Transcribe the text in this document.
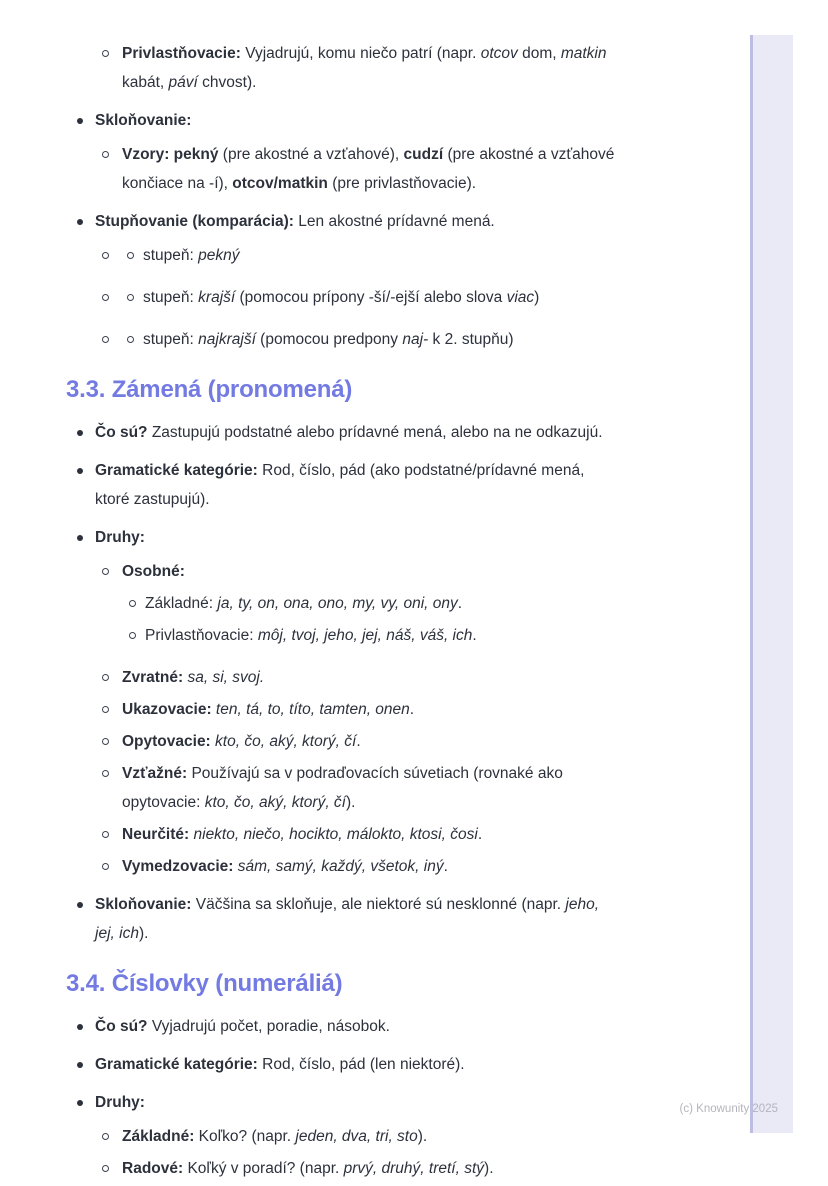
Privlastňovacie: Vyjadrujú, komu niečo patrí (napr. otcov dom, matkin
kabát, páví chvost).
Skloňovanie:
Vzory: pekný (pre akostné a vzťahové), cudzí (pre akostné a vzťahové
končiace na -í), otcov/matkin (pre privlastňovacie).
Stupňovanie (komparácia): Len akostné prídavné mená.
stupeň: pekný
stupeň: krajší (pomocou prípony -ší/-ejší alebo slova viac)
stupeň: najkrajší (pomocou predpony naj- k 2. stupňu)
3.3. Zámená (pronomená)
Čo sú? Zastupujú podstatné alebo prídavné mená, alebo na ne odkazujú.
Gramatické kategórie: Rod, číslo, pád (ako podstatné/prídavné mená,
ktoré zastupujú).
Druhy:
Osobné:
Základné: ja, ty, on, ona, ono, my, vy, oni, ony.
Privlastňovacie: môj, tvoj, jeho, jej, náš, váš, ich.
Zvratné: sa, si, svoj.
Ukazovacie: ten, tá, to, títo, tamten, onen.
Opytovacie: kto, čo, aký, ktorý, čí.
Vzťažné: Používajú sa v podraďovacích súvetiach (rovnaké ako
opytovacie: kto, čo, aký, ktorý, čí).
Neurčité: niekto, niečo, hocikto, málokto, ktosi, čosi.
Vymedzovacie: sám, samý, každý, všetok, iný.
Skloňovanie: Väčšina sa skloňuje, ale niektoré sú nesklonné (napr. jeho,
jej, ich).
3.4. Číslovky (numeráliá)
Čo sú? Vyjadrujú počet, poradie, násobok.
Gramatické kategórie: Rod, číslo, pád (len niektoré).
Druhy:
Základné: Koľko? (napr. jeden, dva, tri, sto).
Radové: Koľký v poradí? (napr. prvý, druhý, tretí, stý).
(c) Knowunity 2025
